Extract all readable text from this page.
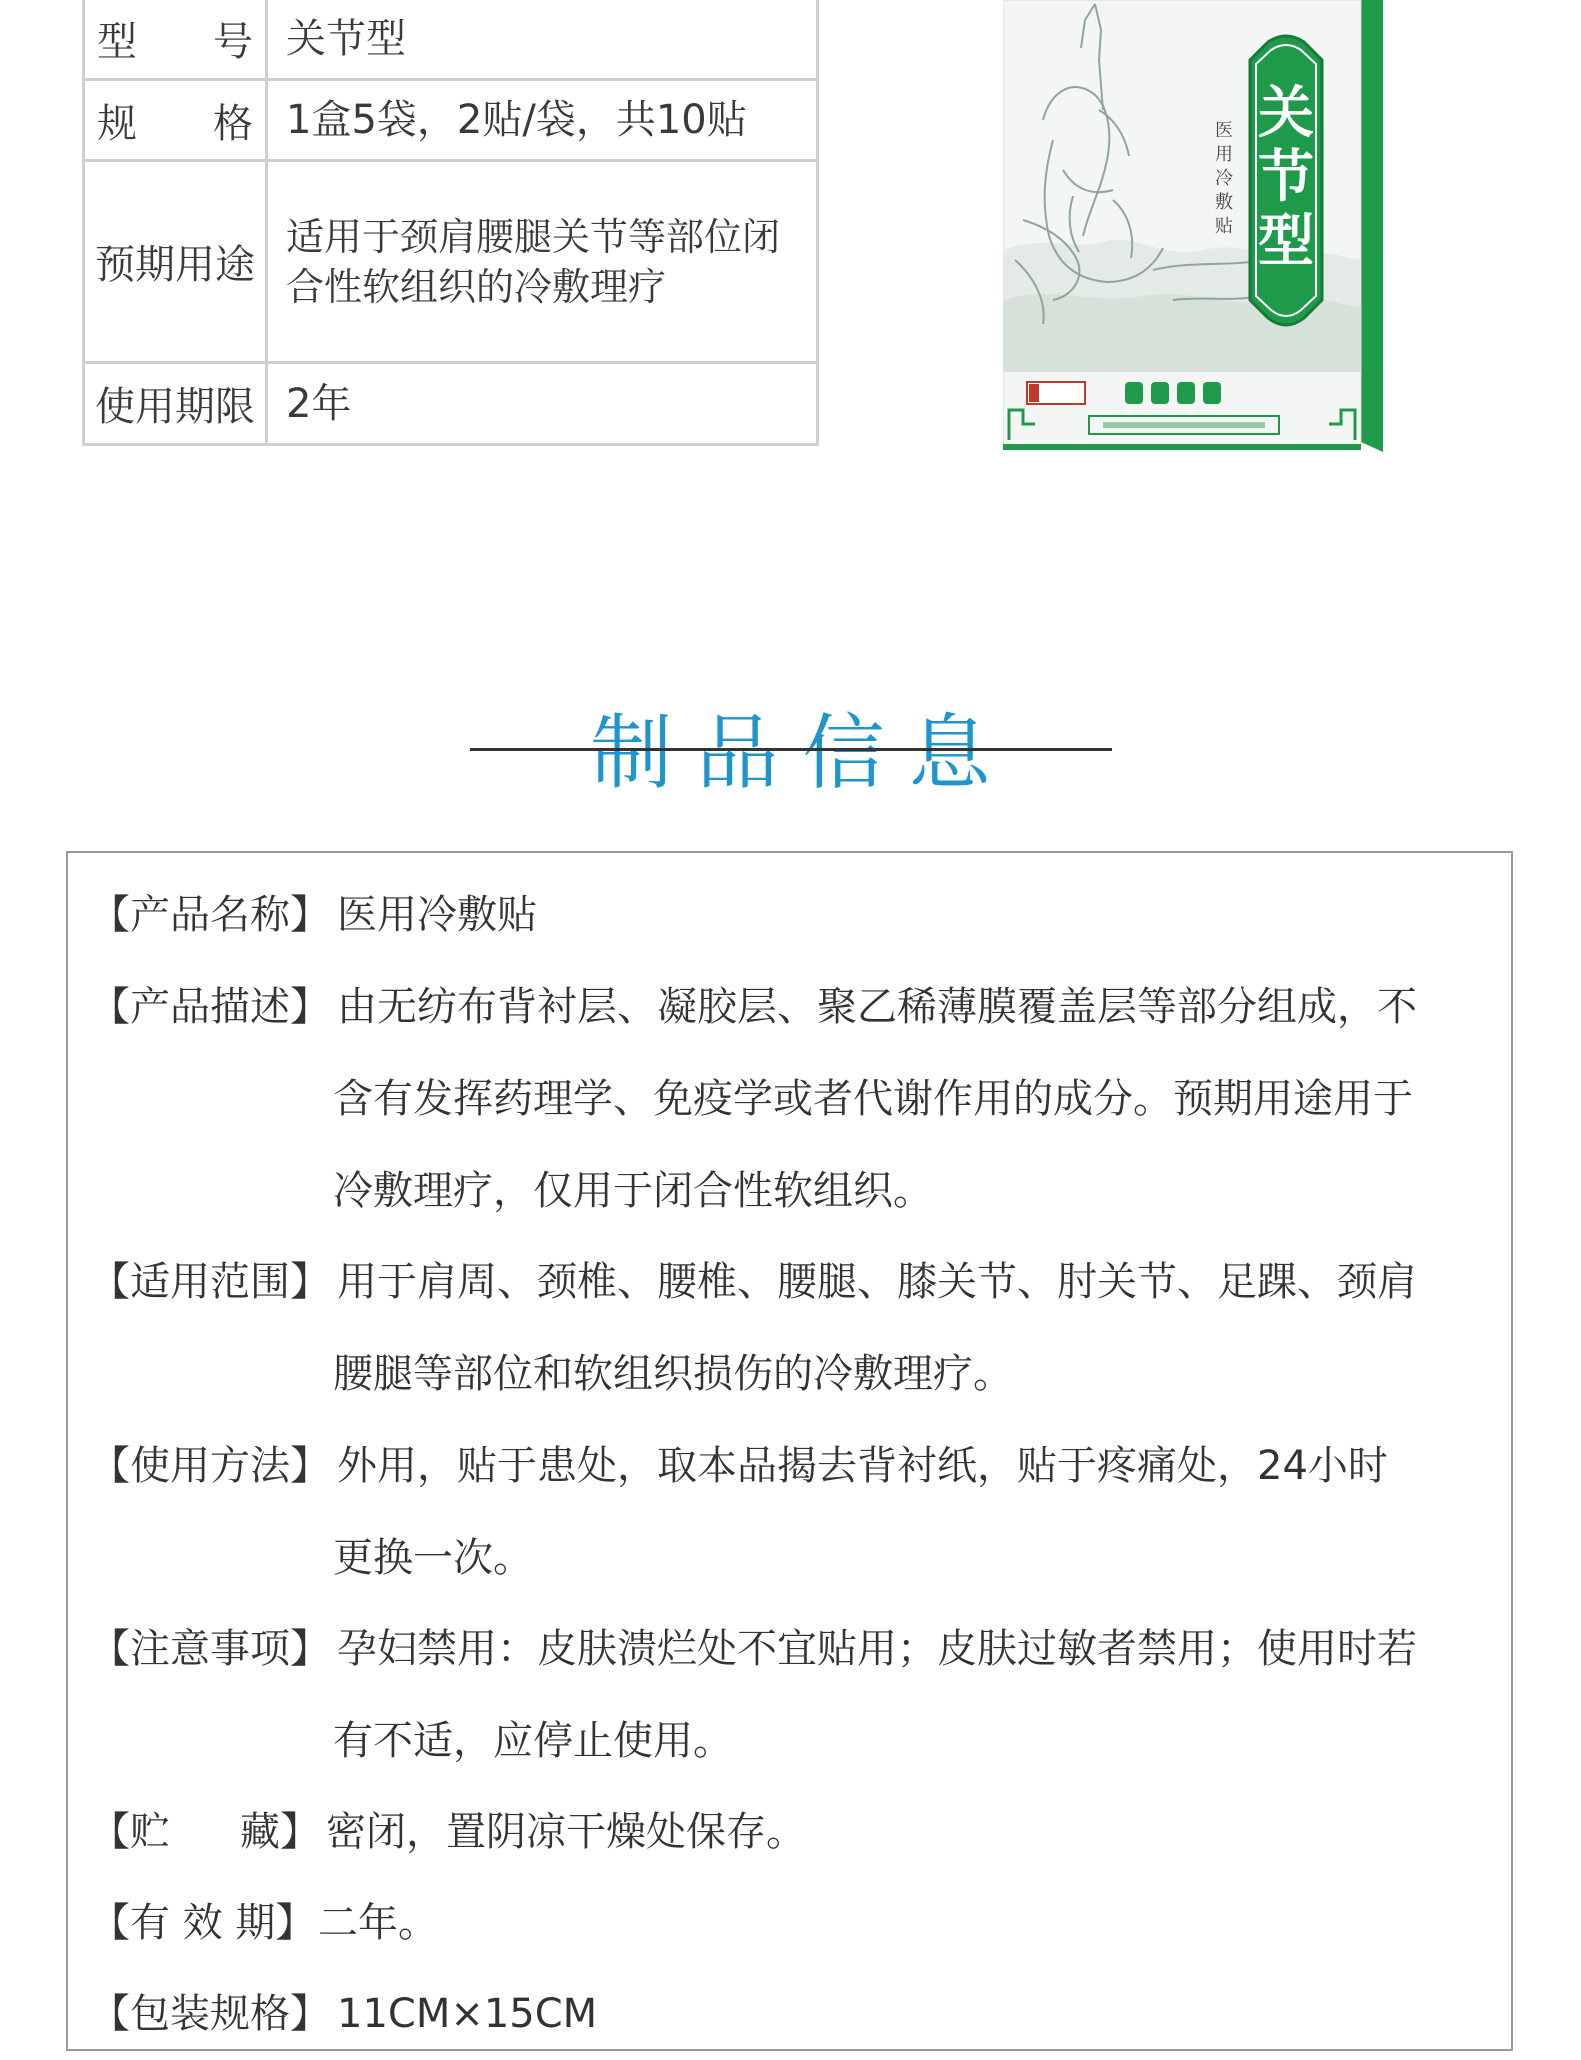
型号	关节型
规格	1盒5袋，2贴/袋，共10贴
预期用途	适用于颈肩腰腿关节等部位闭
合性软组织的冷敷理疗

使用期限	2年
医
用
冷
敷
贴
关
节
型
制品信息
【产品名称】 医用冷敷贴
【产品描述】 由无纺布背衬层、凝胶层、聚乙稀薄膜覆盖层等部分组成，不
含有发挥药理学、免疫学或者代谢作用的成分。预期用途用于
冷敷理疗，仅用于闭合性软组织。
【适用范围】 用于肩周、颈椎、腰椎、腰腿、膝关节、肘关节、足踝、颈肩
腰腿等部位和软组织损伤的冷敷理疗。
【使用方法】 外用，贴于患处，取本品揭去背衬纸，贴于疼痛处，24小时
更换一次。
【注意事项】 孕妇禁用：皮肤溃烂处不宜贴用；皮肤过敏者禁用；使用时若
有不适，应停止使用。
【贮 藏】 密闭，置阴凉干燥处保存。
【有 效 期】 二年。
【包装规格】 11CM×15CM
